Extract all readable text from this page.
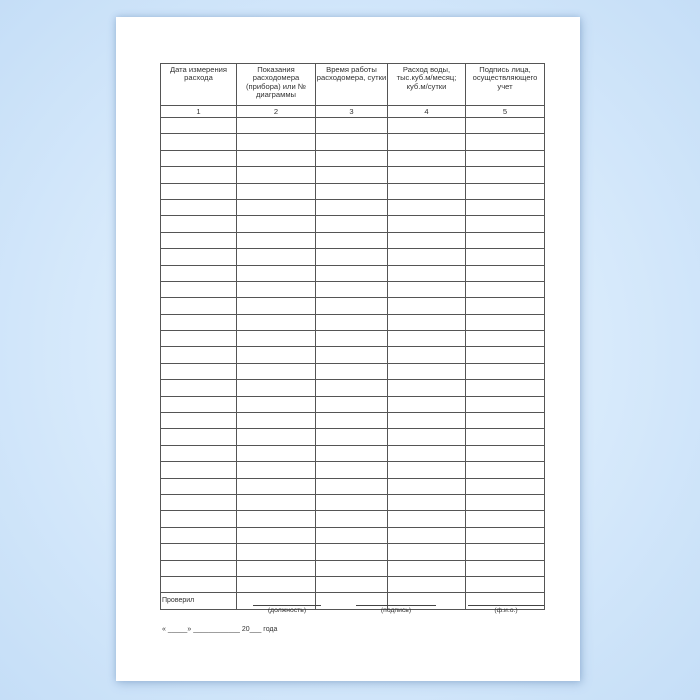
Дата измерения расхода	Показания расходомера (прибора) или № диаграммы	Время работы расходомера, сутки	Расход воды, тыс.куб.м/месяц; куб.м/сутки	Подпись лица, осуществляющего учет
1	2	3	4	5

Проверил
(должность)	(подпись)	(ф.и.о.)
« _____» ____________ 20___ года
